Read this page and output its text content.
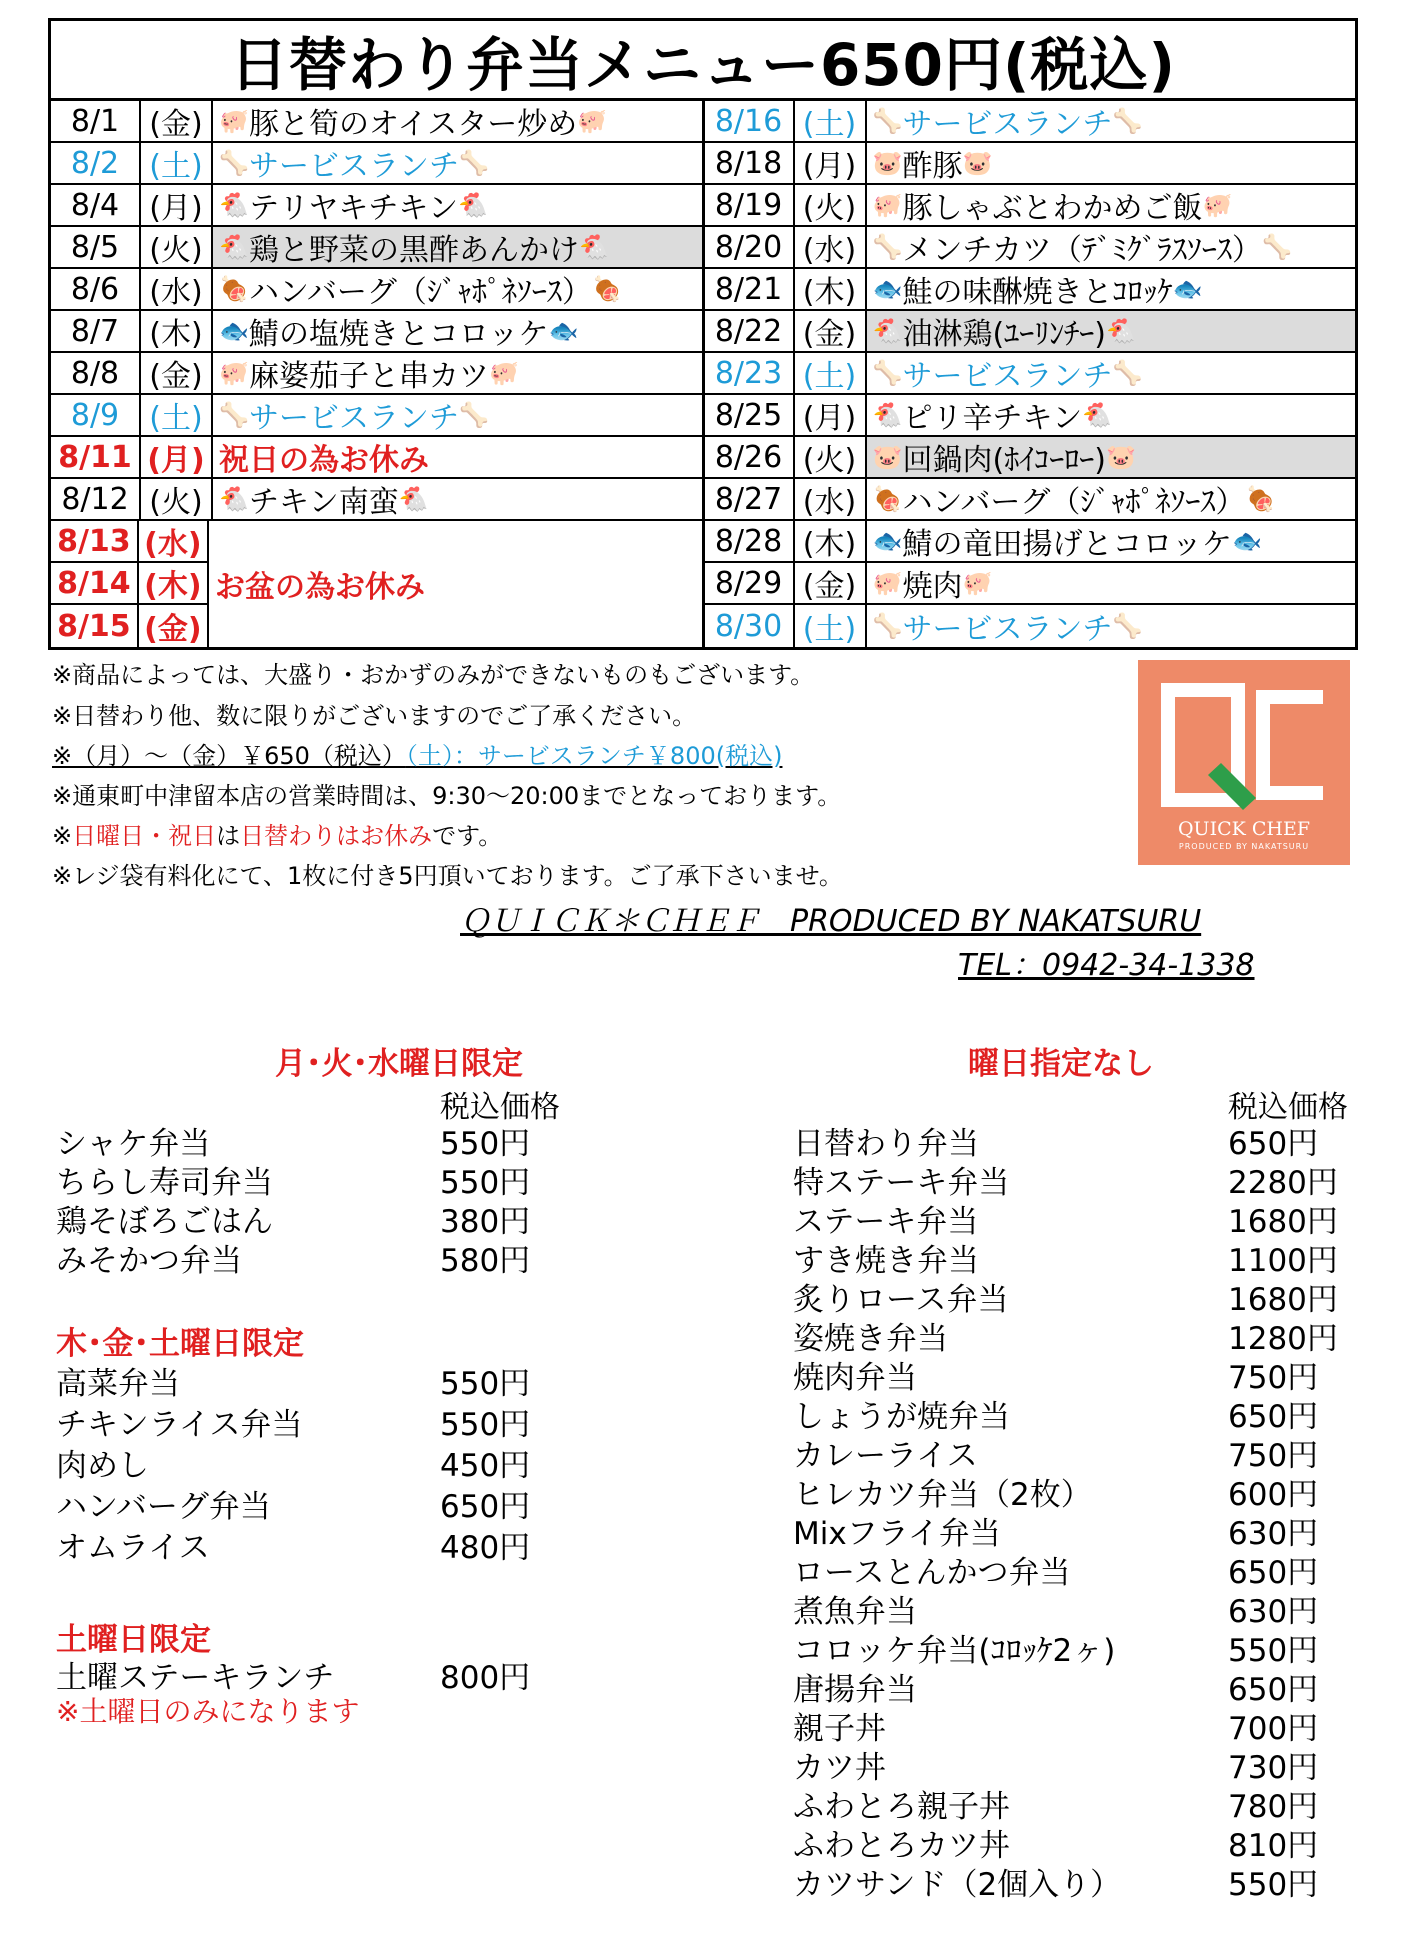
日替わり弁当メニュー650円(税込)
8/1	(金) 🐖 豚と筍のオイスター炒め 🐖
8/2	(土) 🦴 サービスランチ 🦴
8/4	(月) 🐔 テリヤキチキン 🐔
8/5	(火) 🐔 鶏と野菜の黒酢あんかけ 🐔
8/6	(水) 🍖 ハンバーグ（ｼﾞｬﾎﾟﾈｿｰｽ） 🍖
8/7	(木) 🐟 鯖の塩焼きとコロッケ 🐟
8/8	(金) 🐖 麻婆茄子と串カツ 🐖
8/9	(土) 🦴 サービスランチ 🦴
8/11 (月) 祝日の為お休み
8/12 (火) 🐔 チキン南蛮 🐔
8/13 (水)
8/14 (木)
8/15 (金)
お盆の為お休み
8/16 (土) 🦴 サービスランチ 🦴
8/18 (月) 🐷 酢豚 🐷
8/19 (火) 🐖 豚しゃぶとわかめご飯 🐖
8/20 (水) 🦴 メンチカツ（ﾃﾞﾐｸﾞﾗｽｿｰｽ） 🦴
8/21 (木) 🐟 鮭の味醂焼きとｺﾛｯｹ 🐟
8/22 (金) 🐔 油淋鶏(ﾕｰﾘﾝﾁｰ) 🐔
8/23 (土) 🦴 サービスランチ 🦴
8/25 (月) 🐔 ピリ辛チキン 🐔
8/26 (火) 🐷 回鍋肉(ﾎｲｺｰﾛｰ) 🐷
8/27 (水) 🍖 ハンバーグ（ｼﾞｬﾎﾟﾈｿｰｽ） 🍖
8/28 (木) 🐟 鯖の竜田揚げとコロッケ 🐟
8/29 (金) 🐖 焼肉 🐖
8/30 (土) 🦴 サービスランチ 🦴
※商品によっては、大盛り・おかずのみができないものもございます。
※日替わり他、数に限りがございますのでご了承ください。
※（月）～（金）￥650（税込）（土）：サービスランチ￥800(税込)
※通東町中津留本店の営業時間は、9:30～20:00までとなっております。
※日曜日・祝日は日替わりはお休みです。
※レジ袋有料化にて、1枚に付き5円頂いております。ご了承下さいませ。
ＱＵＩＣＫ＊ＣＨＥＦ　PRODUCED BY NAKATSURU
TEL：0942-34-1338
QUICK CHEF
PRODUCED BY NAKATSURU
月･火･水曜日限定
税込価格
シャケ弁当	550円
ちらし寿司弁当	550円
鶏そぼろごはん	380円
みそかつ弁当	580円
木･金･土曜日限定
高菜弁当	550円
チキンライス弁当	550円
肉めし	450円
ハンバーグ弁当	650円
オムライス	480円
土曜日限定
土曜ステーキランチ	800円
※土曜日のみになります
曜日指定なし
税込価格
日替わり弁当	650円
特ステーキ弁当	2280円
ステーキ弁当	1680円
すき焼き弁当	1100円
炙りロース弁当	1680円
姿焼き弁当	1280円
焼肉弁当	750円
しょうが焼弁当	650円
カレーライス	750円
ヒレカツ弁当（2枚）	600円
Mixフライ弁当	630円
ロースとんかつ弁当	650円
煮魚弁当	630円
コロッケ弁当(ｺﾛｯｹ2ヶ)	550円
唐揚弁当	650円
親子丼	700円
カツ丼	730円
ふわとろ親子丼	780円
ふわとろカツ丼	810円
カツサンド（2個入り）	550円
